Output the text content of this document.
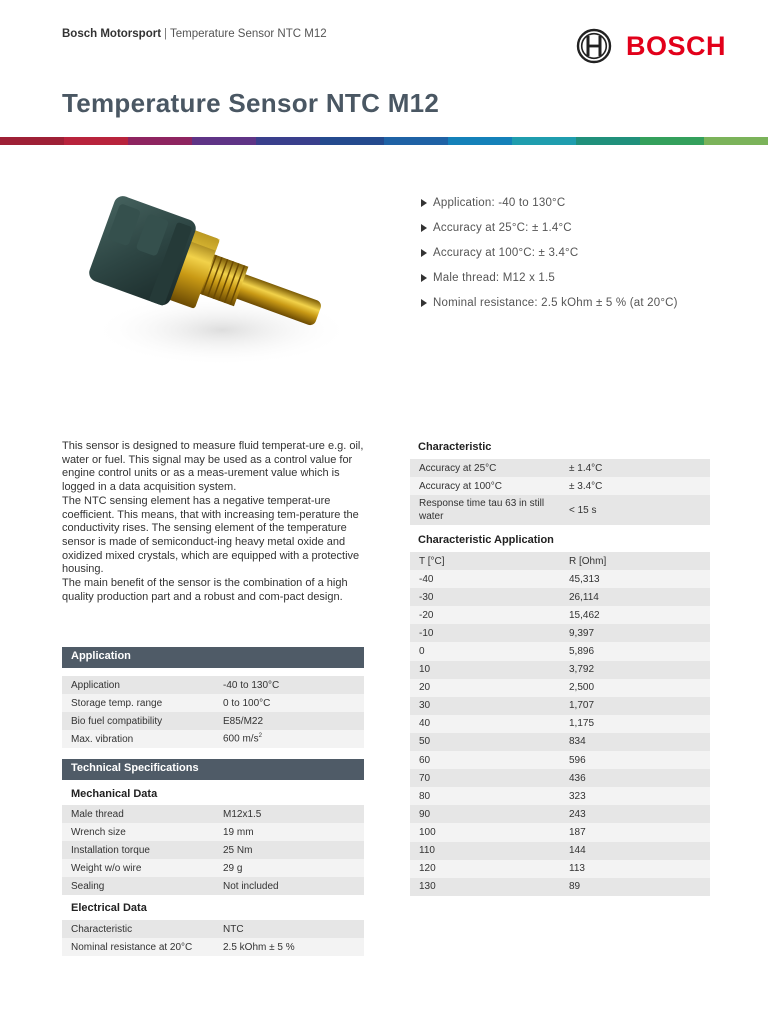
Bosch Motorsport | Temperature Sensor NTC M12	BOSCH
Temperature Sensor NTC M12
Application: -40 to 130°C
Accuracy at 25°C: ± 1.4°C
Accuracy at 100°C: ± 3.4°C
Male thread: M12 x 1.5
Nominal resistance: 2.5 kOhm ± 5 % (at 20°C)

This sensor is designed to measure fluid temperat-ure e.g. oil, water or fuel. This signal may be used as a control value for engine control units or as a meas-urement value which is logged in a data acquisition system.

The NTC sensing element has a negative temperat-ure coefficient. This means, that with increasing tem-perature the conductivity rises. The sensing element of the temperature sensor is made of semiconduct-ing heavy metal oxide and oxidized mixed crystals, which are equipped with a protective housing.

The main benefit of the sensor is the combination of a high quality production part and a robust and com-pact design.

Application
Application	-40 to 130°C
Storage temp. range	0 to 100°C
Bio fuel compatibility	E85/M22
Max. vibration	600 $m/s^2$
Technical Specifications
Mechanical Data
Male thread	M12x1.5
Wrench size	19 mm
Installation torque	25 Nm
Weight w/o wire	29 g
Sealing	Not included
Electrical Data
Characteristic	NTC
Nominal resistance at 20°C	2.5 kOhm ± 5 %
Characteristic
Accuracy at 25°C	± 1.4°C
Accuracy at 100°C	± 3.4°C
Response time tau 63 in still water	< 15 s
Characteristic Application
T [°C]	R [Ohm]
-40	45,313
-30	26,114
-20	15,462
-10	9,397
0	5,896
10	3,792
20	2,500
30	1,707
40	1,175
50	834
60	596
70	436
80	323
90	243
100	187
110	144
120	113
130	89
